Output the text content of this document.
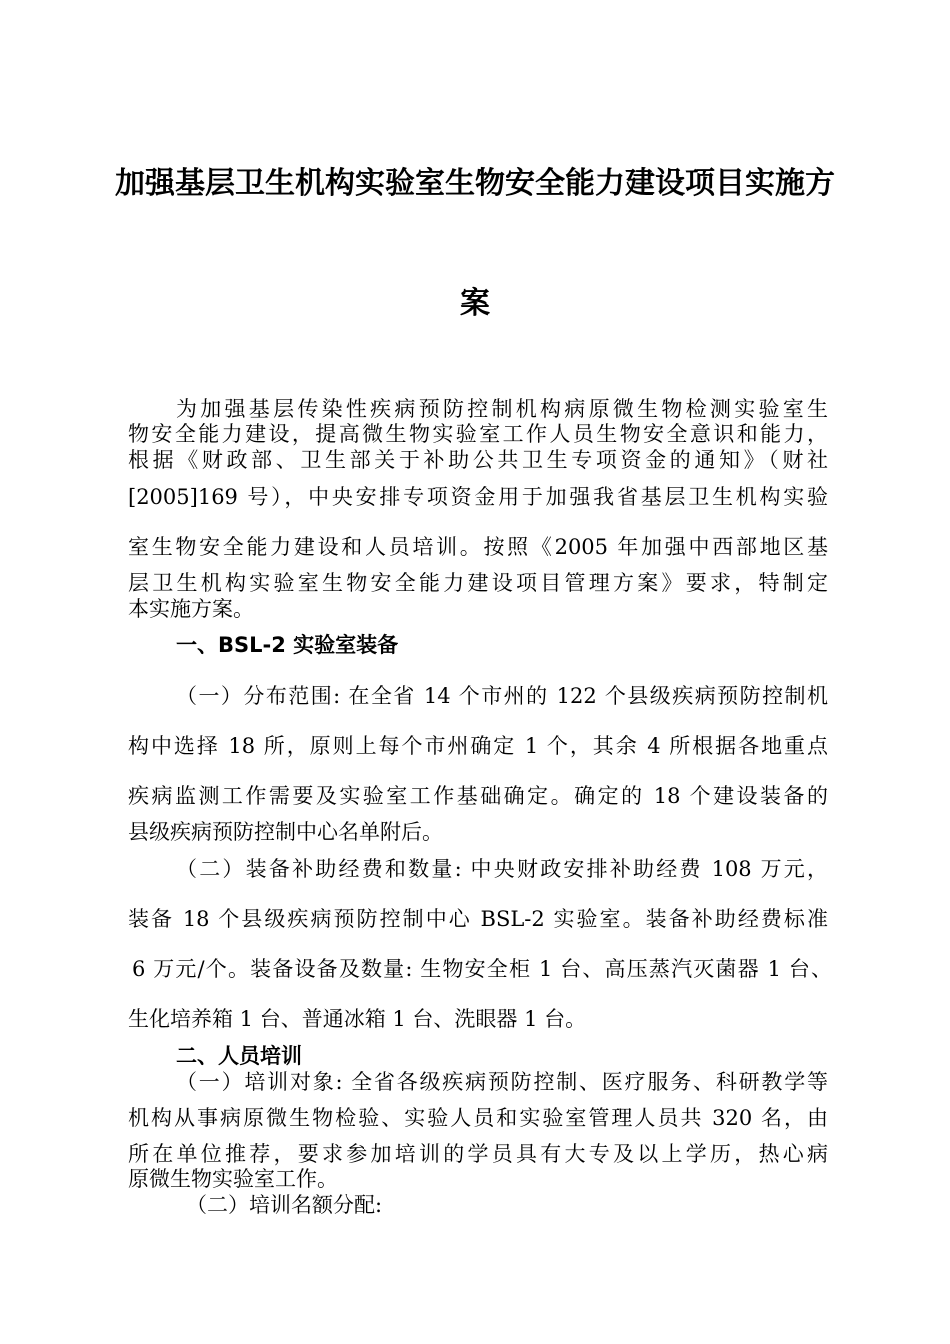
加强基层卫生机构实验室生物安全能力建设项目实施方
案
为加强基层传染性疾病预防控制机构病原微生物检测实验室生
物安全能力建设，提高微生物实验室工作人员生物安全意识和能力，
根据《财政部、卫生部关于补助公共卫生专项资金的通知》（财社
[2005]169 号），中央安排专项资金用于加强我省基层卫生机构实验
室生物安全能力建设和人员培训。按照《2005 年加强中西部地区基
层卫生机构实验室生物安全能力建设项目管理方案》要求，特制定
本实施方案。
一、BSL-2 实验室装备
（一）分布范围: 在全省 14 个市州的 122 个县级疾病预防控制机
构中选择 18 所，原则上每个市州确定 1 个，其余 4 所根据各地重点
疾病监测工作需要及实验室工作基础确定。确定的 18 个建设装备的
县级疾病预防控制中心名单附后。
（二）装备补助经费和数量: 中央财政安排补助经费 108 万元，
装备 18 个县级疾病预防控制中心 BSL-2 实验室。装备补助经费标准
6 万元/个。装备设备及数量: 生物安全柜 1 台、高压蒸汽灭菌器 1 台、
生化培养箱 1 台、普通冰箱 1 台、洗眼器 1 台。
二、人员培训
（一）培训对象: 全省各级疾病预防控制、医疗服务、科研教学等
机构从事病原微生物检验、实验人员和实验室管理人员共 320 名，由
所在单位推荐，要求参加培训的学员具有大专及以上学历，热心病
原微生物实验室工作。
（二）培训名额分配:
